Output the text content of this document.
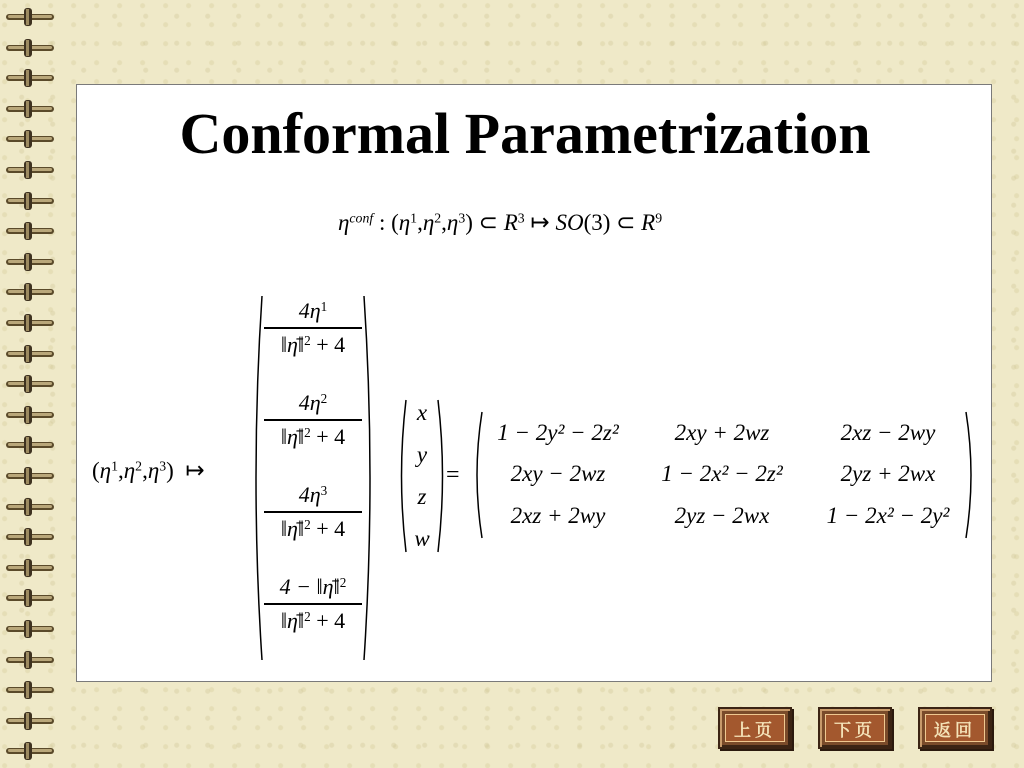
Conformal Parametrization
$\eta^{conf}$ : $(\eta^1,\eta^2,\eta^3)$ ⊂ $R^3$ ↦ SO(3) ⊂ $R^9$
$(\eta^1,\eta^2,\eta^3)$ ↦
$4\eta^1$
‖η̄‖$^2$ + 4
$4\eta^2$
‖η̄‖$^2$ + 4
$4\eta^3$
‖η̄‖$^2$ + 4
4 − ‖η̄‖$^2$
‖η̄‖$^2$ + 4
x
y
z
w
=
1 − 2y² − 2z²	2xy + 2wz	2xz − 2wy
2xy − 2wz	1 − 2x² − 2z²	2yz + 2wx
2xz + 2wy	2yz − 2wx	1 − 2x² − 2y²
上页	下页	返回
